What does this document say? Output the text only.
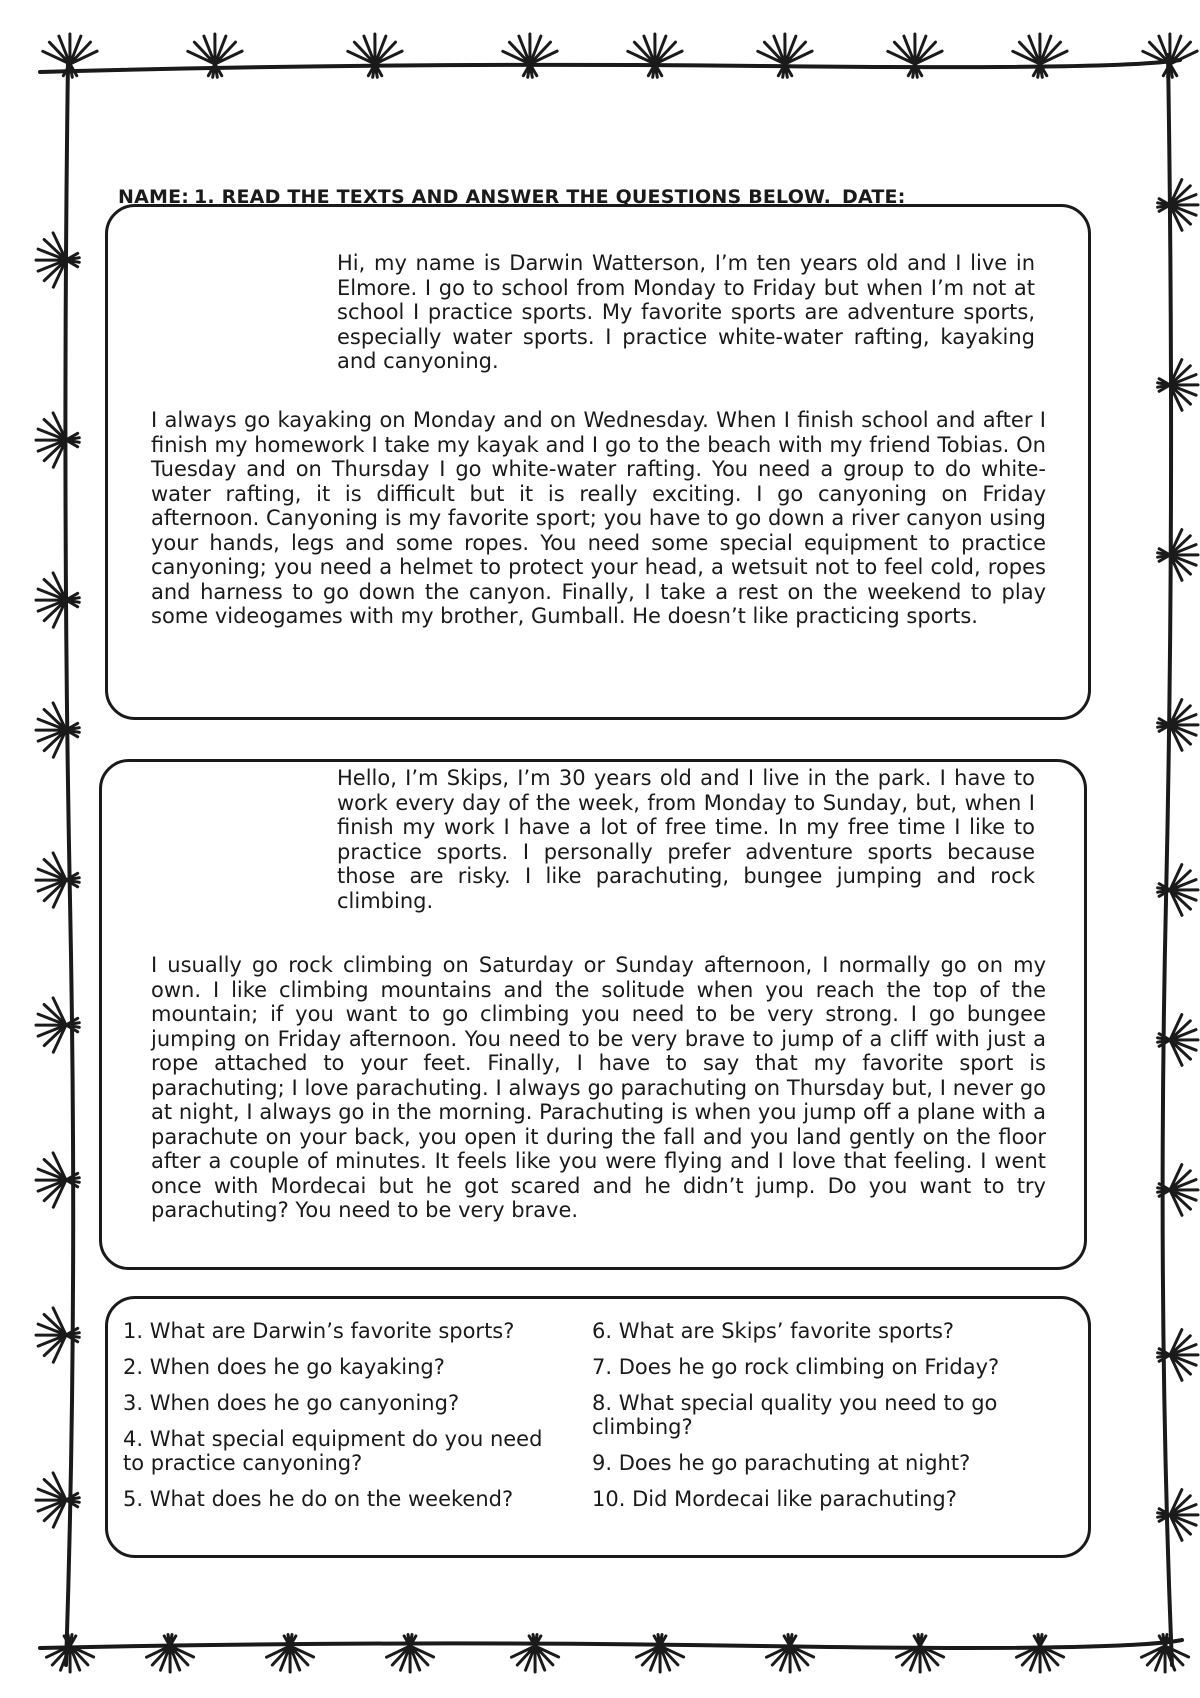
NAME: 1. READ THE TEXTS AND ANSWER THE QUESTIONS BELOW. DATE:

Hi, my name is Darwin Watterson, I’m ten years old and I live in Elmore. I go to school from Monday to Friday but when I’m not at school I practice sports. My favorite sports are adventure sports, especially water sports. I practice white-water rafting, kayaking and canyoning.

I always go kayaking on Monday and on Wednesday. When I finish school and after I finish my homework I take my kayak and I go to the beach with my friend Tobias. On Tuesday and on Thursday I go white-water rafting. You need a group to do white-water rafting, it is difficult but it is really exciting. I go canyoning on Friday afternoon. Canyoning is my favorite sport; you have to go down a river canyon using your hands, legs and some ropes. You need some special equipment to practice canyoning; you need a helmet to protect your head, a wetsuit not to feel cold, ropes and harness to go down the canyon. Finally, I take a rest on the weekend to play some videogames with my brother, Gumball. He doesn’t like practicing sports.

Hello, I’m Skips, I’m 30 years old and I live in the park. I have to work every day of the week, from Monday to Sunday, but, when I finish my work I have a lot of free time. In my free time I like to practice sports. I personally prefer adventure sports because those are risky. I like parachuting, bungee jumping and rock climbing.

I usually go rock climbing on Saturday or Sunday afternoon, I normally go on my own. I like climbing mountains and the solitude when you reach the top of the mountain; if you want to go climbing you need to be very strong. I go bungee jumping on Friday afternoon. You need to be very brave to jump of a cliff with just a rope attached to your feet. Finally, I have to say that my favorite sport is parachuting; I love parachuting. I always go parachuting on Thursday but, I never go at night, I always go in the morning. Parachuting is when you jump off a plane with a parachute on your back, you open it during the fall and you land gently on the floor after a couple of minutes. It feels like you were flying and I love that feeling. I went once with Mordecai but he got scared and he didn’t jump. Do you want to try parachuting? You need to be very brave.

1. What are Darwin’s favorite sports?
2. When does he go kayaking?
3. When does he go canyoning?
4. What special equipment do you need to practice canyoning?
5. What does he do on the weekend?
6. What are Skips’ favorite sports?
7. Does he go rock climbing on Friday?
8. What special quality you need to go climbing?
9. Does he go parachuting at night?
10. Did Mordecai like parachuting?
